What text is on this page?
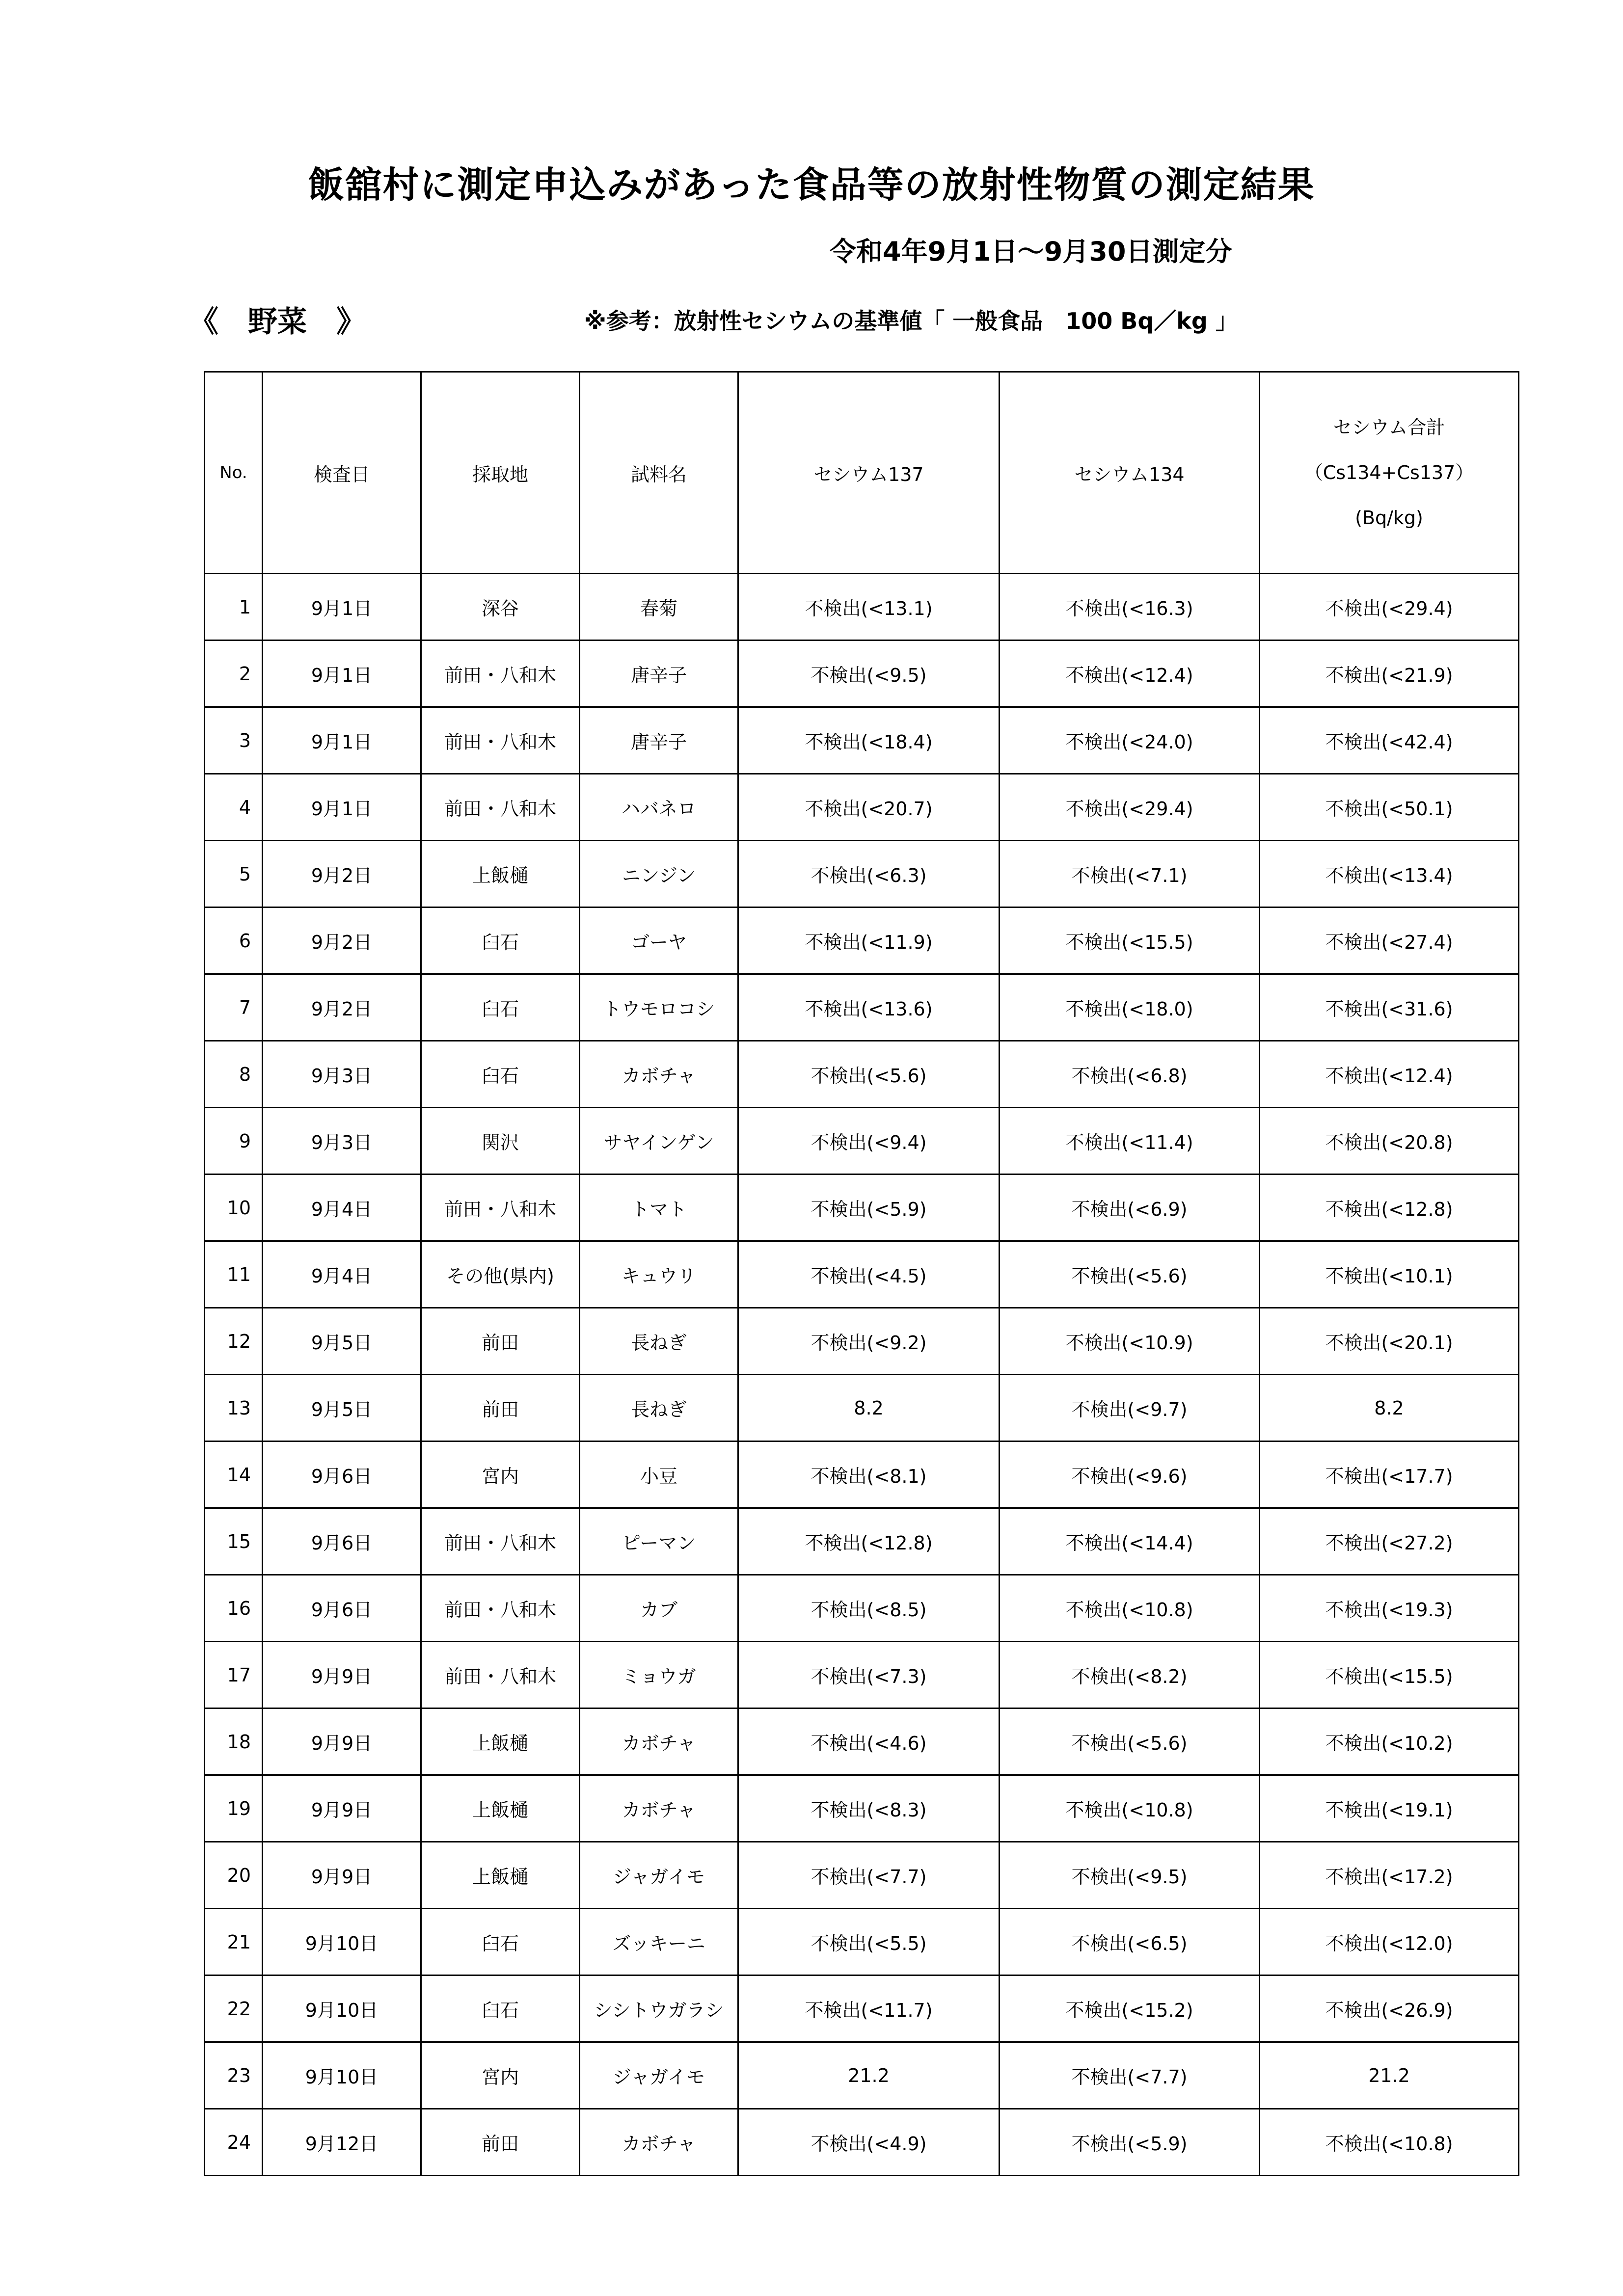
飯舘村に測定申込みがあった食品等の放射性物質の測定結果
令和4年9月1日～9月30日測定分
《　野菜　》	※参考：放射性セシウムの基準値「 一般食品　100 Bq／kg 」
No.	検査日	採取地	試料名	セシウム137	セシウム134	セシウム合計
（Cs134+Cs137）
(Bq/kg)

1	9月1日	深谷	春菊	不検出(<13.1)	不検出(<16.3)	不検出(<29.4)
2	9月1日	前田・八和木	唐辛子	不検出(<9.5)	不検出(<12.4)	不検出(<21.9)
3	9月1日	前田・八和木	唐辛子	不検出(<18.4)	不検出(<24.0)	不検出(<42.4)
4	9月1日	前田・八和木	ハバネロ	不検出(<20.7)	不検出(<29.4)	不検出(<50.1)
5	9月2日	上飯樋	ニンジン	不検出(<6.3)	不検出(<7.1)	不検出(<13.4)
6	9月2日	臼石	ゴーヤ	不検出(<11.9)	不検出(<15.5)	不検出(<27.4)
7	9月2日	臼石	トウモロコシ	不検出(<13.6)	不検出(<18.0)	不検出(<31.6)
8	9月3日	臼石	カボチャ	不検出(<5.6)	不検出(<6.8)	不検出(<12.4)
9	9月3日	関沢	サヤインゲン	不検出(<9.4)	不検出(<11.4)	不検出(<20.8)
10	9月4日	前田・八和木	トマト	不検出(<5.9)	不検出(<6.9)	不検出(<12.8)
11	9月4日	その他(県内)	キュウリ	不検出(<4.5)	不検出(<5.6)	不検出(<10.1)
12	9月5日	前田	長ねぎ	不検出(<9.2)	不検出(<10.9)	不検出(<20.1)
13	9月5日	前田	長ねぎ	8.2	不検出(<9.7)	8.2
14	9月6日	宮内	小豆	不検出(<8.1)	不検出(<9.6)	不検出(<17.7)
15	9月6日	前田・八和木	ピーマン	不検出(<12.8)	不検出(<14.4)	不検出(<27.2)
16	9月6日	前田・八和木	カブ	不検出(<8.5)	不検出(<10.8)	不検出(<19.3)
17	9月9日	前田・八和木	ミョウガ	不検出(<7.3)	不検出(<8.2)	不検出(<15.5)
18	9月9日	上飯樋	カボチャ	不検出(<4.6)	不検出(<5.6)	不検出(<10.2)
19	9月9日	上飯樋	カボチャ	不検出(<8.3)	不検出(<10.8)	不検出(<19.1)
20	9月9日	上飯樋	ジャガイモ	不検出(<7.7)	不検出(<9.5)	不検出(<17.2)
21	9月10日	臼石	ズッキーニ	不検出(<5.5)	不検出(<6.5)	不検出(<12.0)
22	9月10日	臼石	シシトウガラシ	不検出(<11.7)	不検出(<15.2)	不検出(<26.9)
23	9月10日	宮内	ジャガイモ	21.2	不検出(<7.7)	21.2
24	9月12日	前田	カボチャ	不検出(<4.9)	不検出(<5.9)	不検出(<10.8)
